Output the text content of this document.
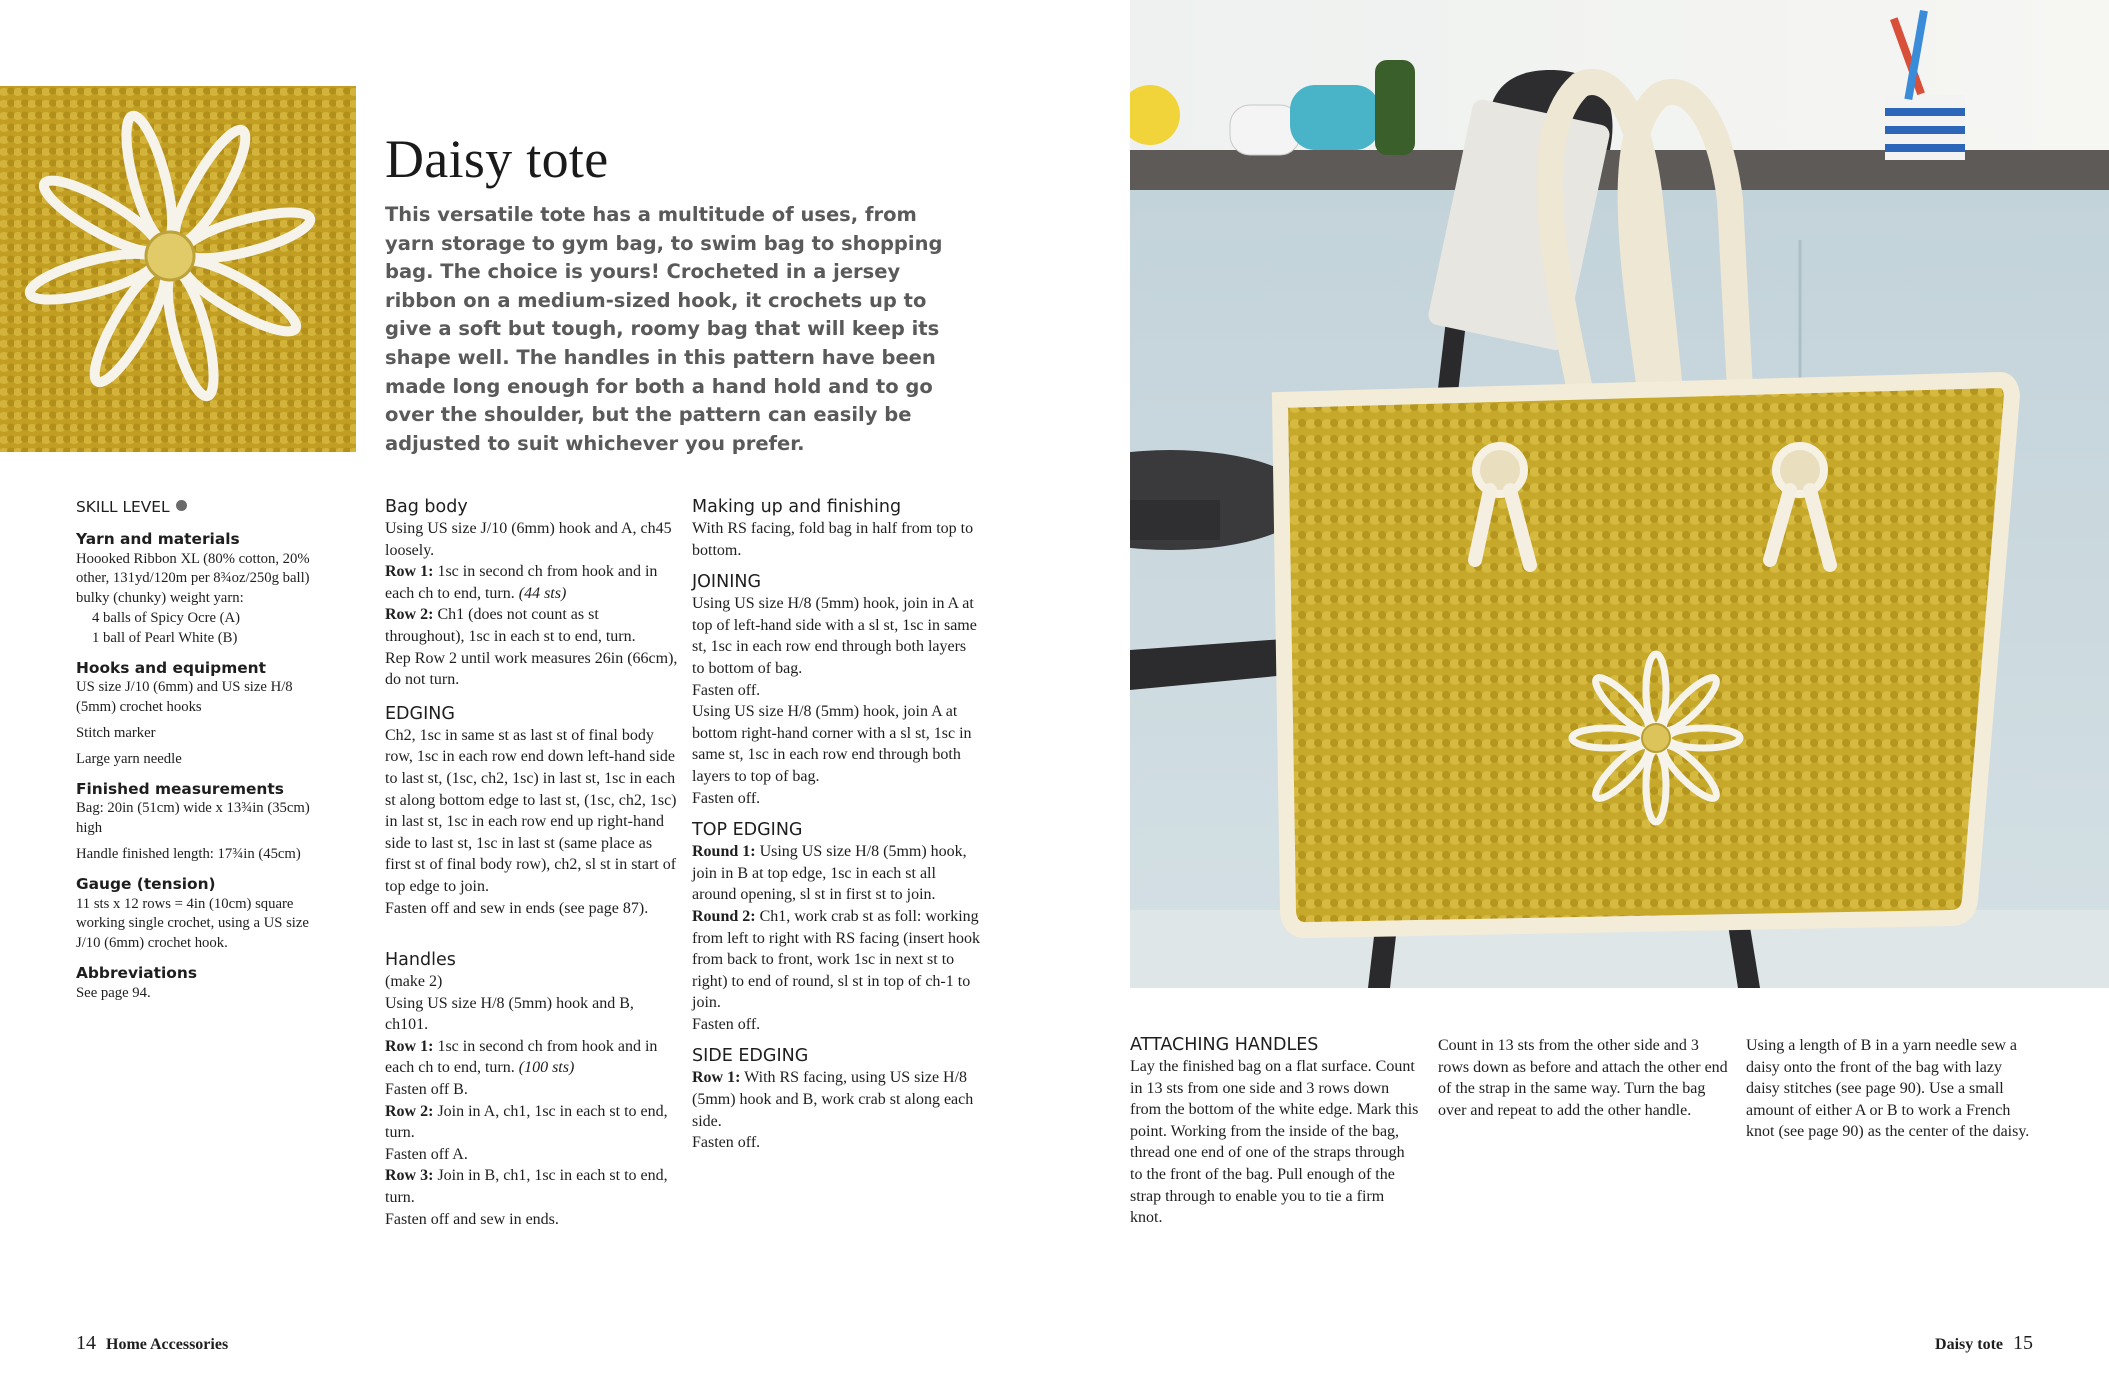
Daisy tote

This versatile tote has a multitude of uses, from yarn storage to gym bag, to swim bag to shopping bag. The choice is yours! Crocheted in a jersey ribbon on a medium-sized hook, it crochets up to give a soft but tough, roomy bag that will keep its shape well. The handles in this pattern have been made long enough for both a hand hold and to go over the shoulder, but the pattern can easily be adjusted to suit whichever you prefer.

SKILL LEVEL

Yarn and materials

Hoooked Ribbon XL (80% cotton, 20% other, 131yd/120m per 8¾oz/250g ball) bulky (chunky) weight yarn:

4 balls of Spicy Ocre (A)

1 ball of Pearl White (B)

Hooks and equipment

US size J/10 (6mm) and US size H/8 (5mm) crochet hooks

Stitch marker

Large yarn needle

Finished measurements

Bag: 20in (51cm) wide x 13¾in (35cm) high

Handle finished length: 17¾in (45cm)

Gauge (tension)

11 sts x 12 rows = 4in (10cm) square working single crochet, using a US size J/10 (6mm) crochet hook.

Abbreviations

See page 94.

Bag body

Using US size J/10 (6mm) hook and A, ch45 loosely.

Row 1: 1sc in second ch from hook and in each ch to end, turn. (44 sts)

Row 2: Ch1 (does not count as st throughout), 1sc in each st to end, turn.

Rep Row 2 until work measures 26in (66cm), do not turn.

EDGING

Ch2, 1sc in same st as last st of final body row, 1sc in each row end down left-hand side to last st, (1sc, ch2, 1sc) in last st, 1sc in each st along bottom edge to last st, (1sc, ch2, 1sc) in last st, 1sc in each row end up right-hand side to last st, 1sc in last st (same place as first st of final body row), ch2, sl st in start of top edge to join.

Fasten off and sew in ends (see page 87).

Handles

(make 2)

Using US size H/8 (5mm) hook and B, ch101.

Row 1: 1sc in second ch from hook and in each ch to end, turn. (100 sts)

Fasten off B.

Row 2: Join in A, ch1, 1sc in each st to end, turn.

Fasten off A.

Row 3: Join in B, ch1, 1sc in each st to end, turn.

Fasten off and sew in ends.

Making up and finishing

With RS facing, fold bag in half from top to bottom.

JOINING

Using US size H/8 (5mm) hook, join in A at top of left-hand side with a sl st, 1sc in same st, 1sc in each row end through both layers to bottom of bag.

Fasten off.

Using US size H/8 (5mm) hook, join A at bottom right-hand corner with a sl st, 1sc in same st, 1sc in each row end through both layers to top of bag.

Fasten off.

TOP EDGING

Round 1: Using US size H/8 (5mm) hook, join in B at top edge, 1sc in each st all around opening, sl st in first st to join.

Round 2: Ch1, work crab st as foll: working from left to right with RS facing (insert hook from back to front, work 1sc in next st to right) to end of round, sl st in top of ch-1 to join.

Fasten off.

SIDE EDGING

Row 1: With RS facing, using US size H/8 (5mm) hook and B, work crab st along each side.

Fasten off.

ATTACHING HANDLES

Lay the finished bag on a flat surface. Count in 13 sts from one side and 3 rows down from the bottom of the white edge. Mark this point. Working from the inside of the bag, thread one end of one of the straps through to the front of the bag. Pull enough of the strap through to enable you to tie a firm knot.

Count in 13 sts from the other side and 3 rows down as before and attach the other end of the strap in the same way. Turn the bag over and repeat to add the other handle.

Using a length of B in a yarn needle sew a daisy onto the front of the bag with lazy daisy stitches (see page 90). Use a small amount of either A or B to work a French knot (see page 90) as the center of the daisy.

14 Home Accessories	Daisy tote 15
